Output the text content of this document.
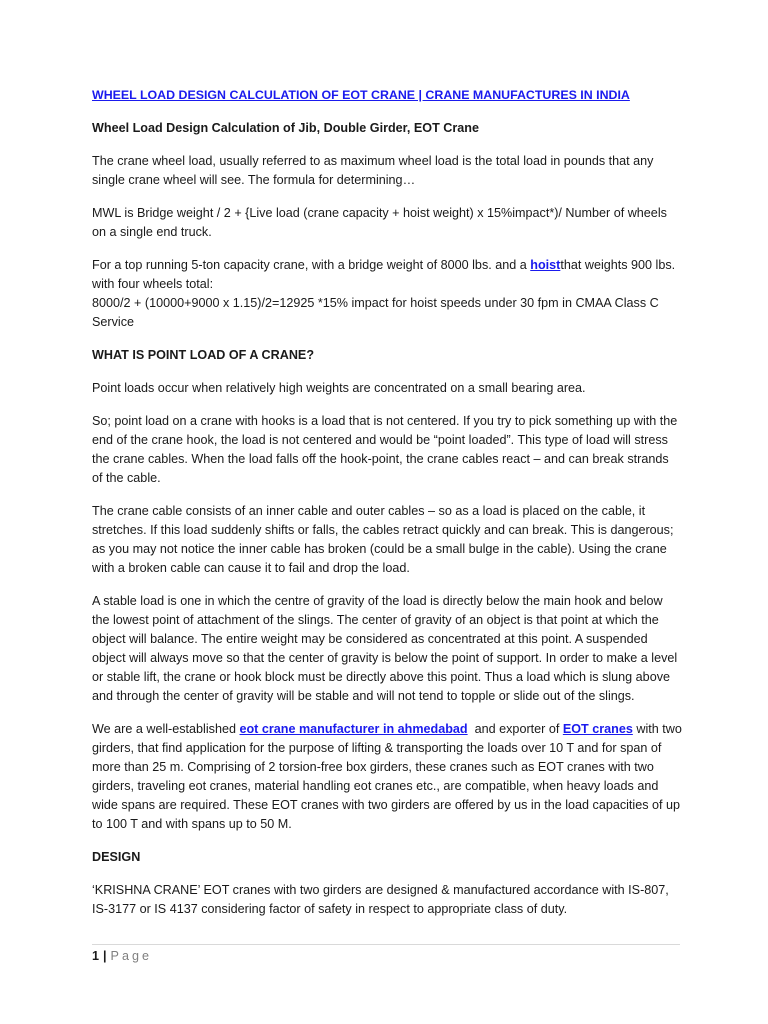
WHEEL LOAD DESIGN CALCULATION OF EOT CRANE | CRANE MANUFACTURES IN INDIA

Wheel Load Design Calculation of Jib, Double Girder, EOT Crane

The crane wheel load, usually referred to as maximum wheel load is the total load in pounds that any single crane wheel will see. The formula for determining…

MWL is Bridge weight / 2 + {Live load (crane capacity + hoist weight) x 15%impact*)/ Number of wheels on a single end truck.

For a top running 5-ton capacity crane, with a bridge weight of 8000 lbs. and a hoistthat weights 900 lbs. with four wheels total:
8000/2 + (10000+9000 x 1.15)/2=12925 *15% impact for hoist speeds under 30 fpm in CMAA Class C Service

WHAT IS POINT LOAD OF A CRANE?

Point loads occur when relatively high weights are concentrated on a small bearing area.

So; point load on a crane with hooks is a load that is not centered. If you try to pick something up with the end of the crane hook, the load is not centered and would be “point loaded”. This type of load will stress the crane cables. When the load falls off the hook-point, the crane cables react – and can break strands of the cable.

The crane cable consists of an inner cable and outer cables – so as a load is placed on the cable, it stretches. If this load suddenly shifts or falls, the cables retract quickly and can break. This is dangerous; as you may not notice the inner cable has broken (could be a small bulge in the cable). Using the crane with a broken cable can cause it to fail and drop the load.

A stable load is one in which the centre of gravity of the load is directly below the main hook and below the lowest point of attachment of the slings. The center of gravity of an object is that point at which the object will balance. The entire weight may be considered as concentrated at this point. A suspended object will always move so that the center of gravity is below the point of support. In order to make a level or stable lift, the crane or hook block must be directly above this point. Thus a load which is slung above and through the center of gravity will be stable and will not tend to topple or slide out of the slings.

We are a well-established eot crane manufacturer in ahmedabad  and exporter of EOT cranes with two girders, that find application for the purpose of lifting & transporting the loads over 10 T and for span of more than 25 m. Comprising of 2 torsion-free box girders, these cranes such as EOT cranes with two girders, traveling eot cranes, material handling eot cranes etc., are compatible, when heavy loads and wide spans are required. These EOT cranes with two girders are offered by us in the load capacities of up to 100 T and with spans up to 50 M.

DESIGN

‘KRISHNA CRANE’ EOT cranes with two girders are designed & manufactured accordance with IS-807, IS-3177 or IS 4137 considering factor of safety in respect to appropriate class of duty.

1 | Page
